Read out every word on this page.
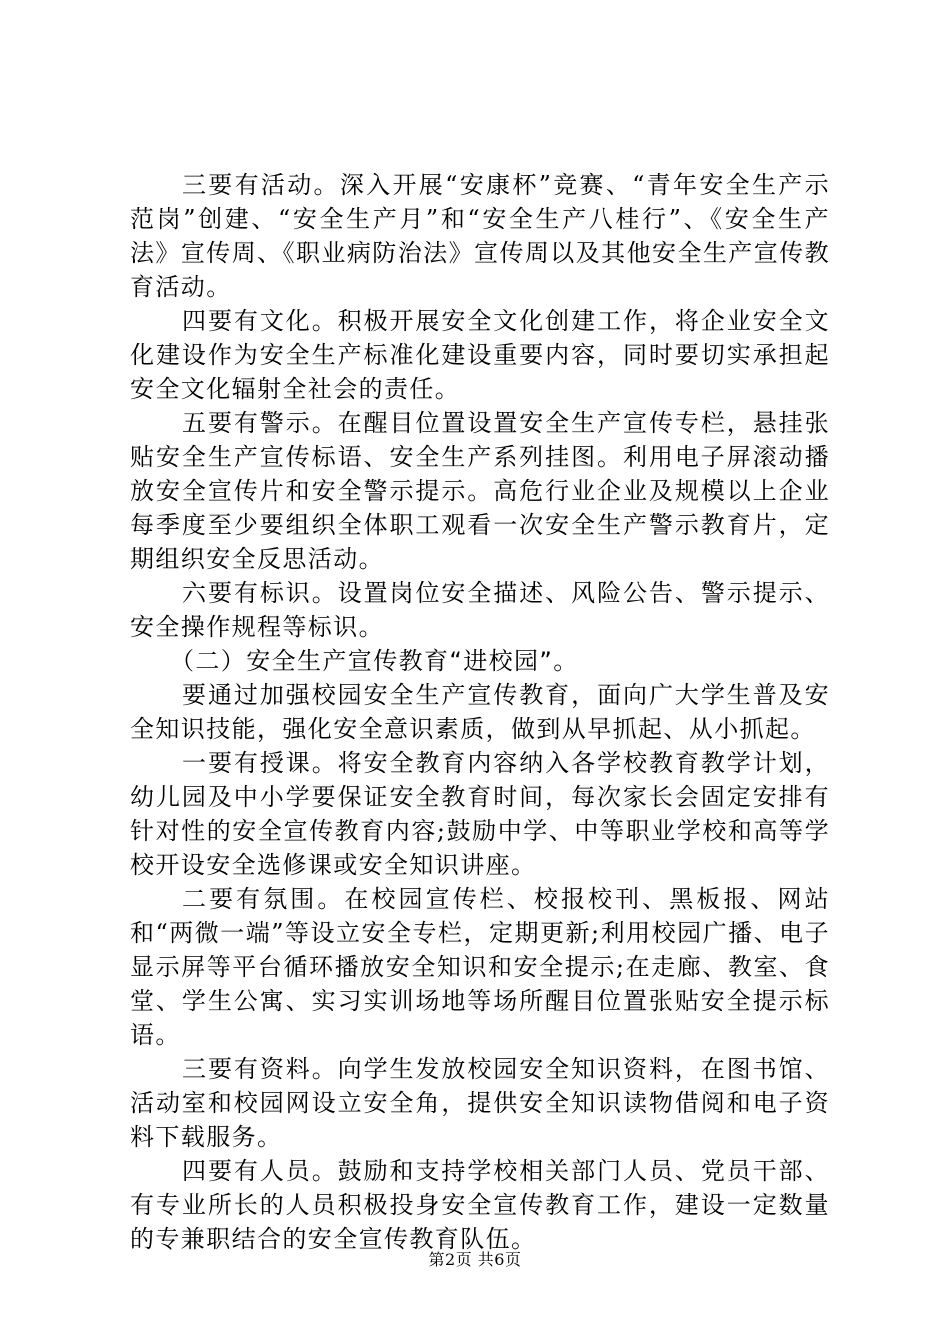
三要有活动。深入开展“安康杯”竞赛、“青年安全生产示范岗”创建、“安全生产月”和“安全生产八桂行”、《安全生产法》宣传周、《职业病防治法》宣传周以及其他安全生产宣传教育活动。

四要有文化。积极开展安全文化创建工作，将企业安全文化建设作为安全生产标准化建设重要内容，同时要切实承担起安全文化辐射全社会的责任。

五要有警示。在醒目位置设置安全生产宣传专栏，悬挂张贴安全生产宣传标语、安全生产系列挂图。利用电子屏滚动播放安全宣传片和安全警示提示。高危行业企业及规模以上企业每季度至少要组织全体职工观看一次安全生产警示教育片，定期组织安全反思活动。

六要有标识。设置岗位安全描述、风险公告、警示提示、安全操作规程等标识。

（二）安全生产宣传教育“进校园”。

要通过加强校园安全生产宣传教育，面向广大学生普及安全知识技能，强化安全意识素质，做到从早抓起、从小抓起。

一要有授课。将安全教育内容纳入各学校教育教学计划，幼儿园及中小学要保证安全教育时间，每次家长会固定安排有针对性的安全宣传教育内容;鼓励中学、中等职业学校和高等学校开设安全选修课或安全知识讲座。

二要有氛围。在校园宣传栏、校报校刊、黑板报、网站和“两微一端”等设立安全专栏，定期更新;利用校园广播、电子显示屏等平台循环播放安全知识和安全提示;在走廊、教室、食堂、学生公寓、实习实训场地等场所醒目位置张贴安全提示标语。

三要有资料。向学生发放校园安全知识资料，在图书馆、活动室和校园网设立安全角，提供安全知识读物借阅和电子资料下载服务。

四要有人员。鼓励和支持学校相关部门人员、党员干部、有专业所长的人员积极投身安全宣传教育工作，建设一定数量的专兼职结合的安全宣传教育队伍。

第2页 共6页
